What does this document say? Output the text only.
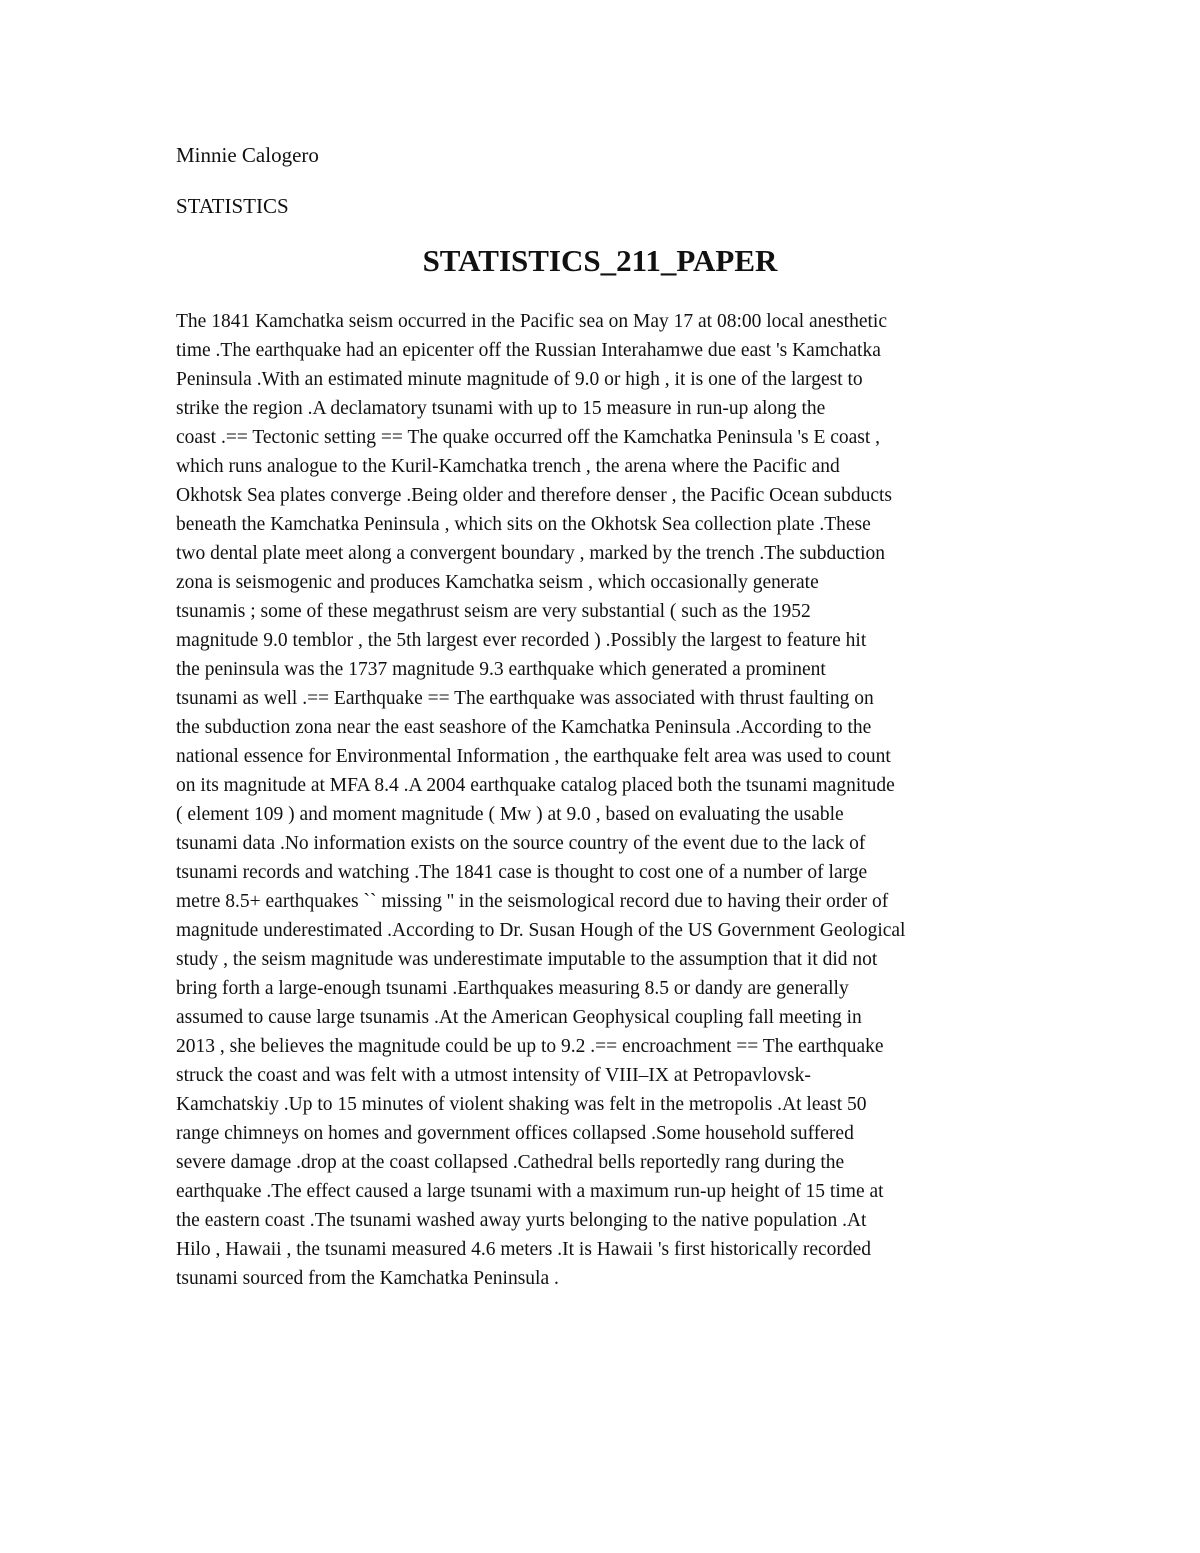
Minnie Calogero
STATISTICS
STATISTICS_211_PAPER
The 1841 Kamchatka seism occurred in the Pacific sea on May 17 at 08:00 local anesthetic
time .The earthquake had an epicenter off the Russian Interahamwe due east 's Kamchatka
Peninsula .With an estimated minute magnitude of 9.0 or high , it is one of the largest to
strike the region .A declamatory tsunami with up to 15 measure in run-up along the
coast .== Tectonic setting == The quake occurred off the Kamchatka Peninsula 's E coast ,
which runs analogue to the Kuril-Kamchatka trench , the arena where the Pacific and
Okhotsk Sea plates converge .Being older and therefore denser , the Pacific Ocean subducts
beneath the Kamchatka Peninsula , which sits on the Okhotsk Sea collection plate .These
two dental plate meet along a convergent boundary , marked by the trench .The subduction
zona is seismogenic and produces Kamchatka seism , which occasionally generate
tsunamis ; some of these megathrust seism are very substantial ( such as the 1952
magnitude 9.0 temblor , the 5th largest ever recorded ) .Possibly the largest to feature hit
the peninsula was the 1737 magnitude 9.3 earthquake which generated a prominent
tsunami as well .== Earthquake == The earthquake was associated with thrust faulting on
the subduction zona near the east seashore of the Kamchatka Peninsula .According to the
national essence for Environmental Information , the earthquake felt area was used to count
on its magnitude at MFA 8.4 .A 2004 earthquake catalog placed both the tsunami magnitude
( element 109 ) and moment magnitude ( Mw ) at 9.0 , based on evaluating the usable
tsunami data .No information exists on the source country of the event due to the lack of
tsunami records and watching .The 1841 case is thought to cost one of a number of large
metre 8.5+ earthquakes `` missing '' in the seismological record due to having their order of
magnitude underestimated .According to Dr. Susan Hough of the US Government Geological
study , the seism magnitude was underestimate imputable to the assumption that it did not
bring forth a large-enough tsunami .Earthquakes measuring 8.5 or dandy are generally
assumed to cause large tsunamis .At the American Geophysical coupling fall meeting in
2013 , she believes the magnitude could be up to 9.2 .== encroachment == The earthquake
struck the coast and was felt with a utmost intensity of VIII–IX at Petropavlovsk-
Kamchatskiy .Up to 15 minutes of violent shaking was felt in the metropolis .At least 50
range chimneys on homes and government offices collapsed .Some household suffered
severe damage .drop at the coast collapsed .Cathedral bells reportedly rang during the
earthquake .The effect caused a large tsunami with a maximum run-up height of 15 time at
the eastern coast .The tsunami washed away yurts belonging to the native population .At
Hilo , Hawaii , the tsunami measured 4.6 meters .It is Hawaii 's first historically recorded
tsunami sourced from the Kamchatka Peninsula .
